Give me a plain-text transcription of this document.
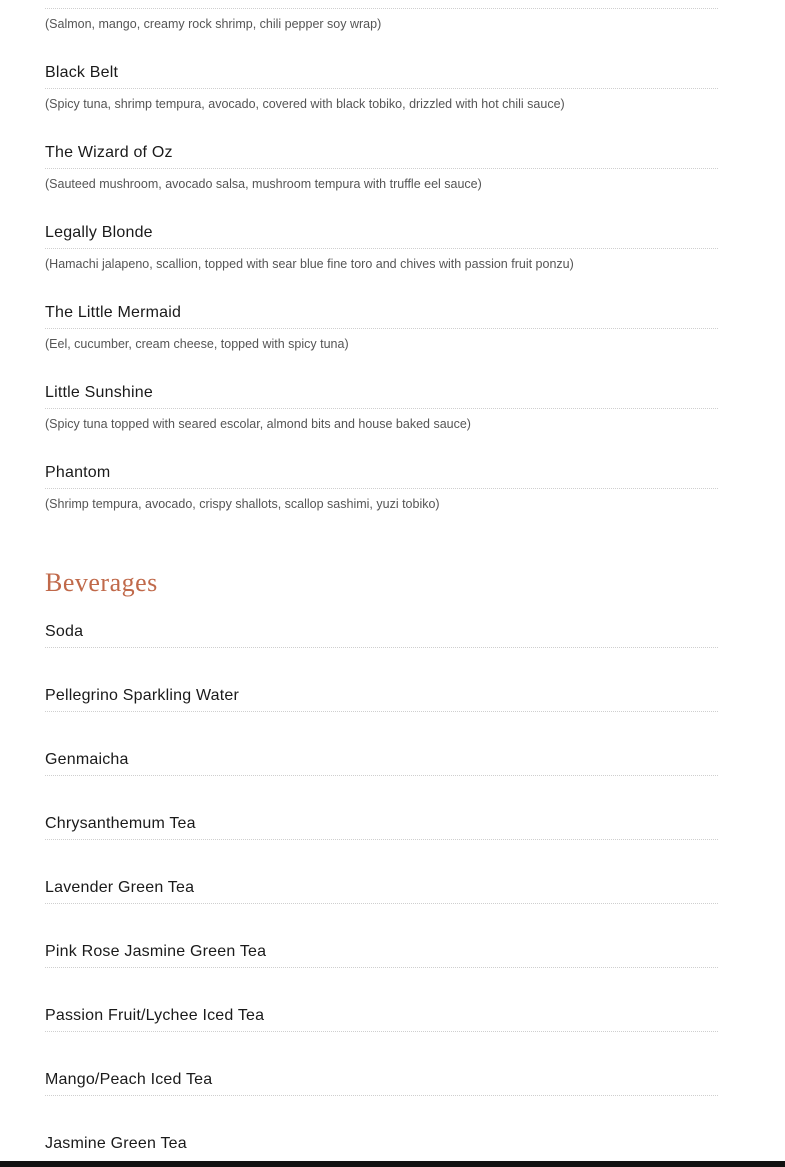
(Salmon, mango, creamy rock shrimp, chili pepper soy wrap)
Black Belt
(Spicy tuna, shrimp tempura, avocado, covered with black tobiko, drizzled with hot chili sauce)
The Wizard of Oz
(Sauteed mushroom, avocado salsa, mushroom tempura with truffle eel sauce)
Legally Blonde
(Hamachi jalapeno, scallion, topped with sear blue fine toro and chives with passion fruit ponzu)
The Little Mermaid
(Eel, cucumber, cream cheese, topped with spicy tuna)
Little Sunshine
(Spicy tuna topped with seared escolar, almond bits and house baked sauce)
Phantom
(Shrimp tempura, avocado, crispy shallots, scallop sashimi, yuzi tobiko)
Beverages
Soda
Pellegrino Sparkling Water
Genmaicha
Chrysanthemum Tea
Lavender Green Tea
Pink Rose Jasmine Green Tea
Passion Fruit/Lychee Iced Tea
Mango/Peach Iced Tea
Jasmine Green Tea
